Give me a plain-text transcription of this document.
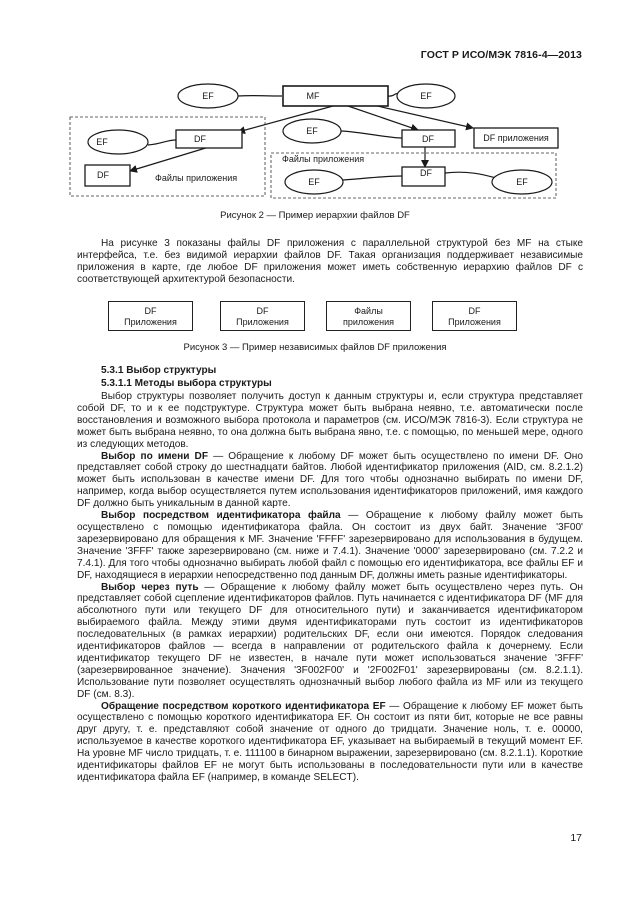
ГОСТ Р ИСО/МЭК 7816-4—2013
MF
EF	EF
EF	DF
EF
DF	DF приложения
DF	Файлы приложения
Файлы приложения
EF
DF
EF
Рисунок 2 — Пример иерархии файлов DF
На рисунке 3 показаны файлы DF приложения с параллельной структурой без MF на стыке интерфейса, т.е. без видимой иерархии файлов DF. Такая организация поддерживает независимые приложения в карте, где любое DF приложения может иметь собственную иерархию файлов DF с соответствующей архитектурой безопасности.
DF
Приложения
DF
Приложения
Файлы
приложения
DF
Приложения
Рисунок 3 — Пример независимых файлов DF приложения
5.3.1 Выбор структуры
5.3.1.1 Методы выбора структуры

Выбор структуры позволяет получить доступ к данным структуры и, если структура представляет собой DF, то и к ее подструктуре. Структура может быть выбрана неявно, т.е. автоматически после восстановления и возможного выбора протокола и параметров (см. ИСО/МЭК 7816-3). Если структура не может быть выбрана неявно, то она должна быть выбрана явно, т.е. с помощью, по меньшей мере, одного из следующих методов.

Выбор по имени DF — Обращение к любому DF может быть осуществлено по имени DF. Оно представляет собой строку до шестнадцати байтов. Любой идентификатор приложения (AID, см. 8.2.1.2) может быть использован в качестве имени DF. Для того чтобы однозначно выбирать по имени DF, например, когда выбор осуществляется путем использования идентификаторов приложений, имя каждого DF должно быть уникальным в данной карте.

Выбор посредством идентификатора файла — Обращение к любому файлу может быть осуществлено с помощью идентификатора файла. Он состоит из двух байт. Значение '3F00' зарезервировано для обращения к MF. Значение 'FFFF' зарезервировано для использования в будущем. Значение '3FFF' также зарезервировано (см. ниже и 7.4.1). Значение '0000' зарезервировано (см. 7.2.2 и 7.4.1). Для того чтобы однозначно выбирать любой файл с помощью его идентификатора, все файлы EF и DF, находящиеся в иерархии непосредственно под данным DF, должны иметь разные идентификаторы.

Выбор через путь — Обращение к любому файлу может быть осуществлено через путь. Он представляет собой сцепление идентификаторов файлов. Путь начинается с идентификатора DF (MF для абсолютного пути или текущего DF для относительного пути) и заканчивается идентификатором выбираемого файла. Между этими двумя идентификаторами путь состоит из идентификаторов последовательных (в рамках иерархии) родительских DF, если они имеются. Порядок следования идентификаторов файлов — всегда в направлении от родительского файла к дочернему. Если идентификатор текущего DF не известен, в начале пути может использоваться значение '3FFF' (зарезервированное значение). Значения '3F002F00' и '2F002F01' зарезервированы (см. 8.2.1.1). Использование пути позволяет осуществлять однозначный выбор любого файла из MF или из текущего DF (см. 8.3).

Обращение посредством короткого идентификатора EF — Обращение к любому EF может быть осуществлено с помощью короткого идентификатора EF. Он состоит из пяти бит, которые не все равны друг другу, т. е. представляют собой значение от одного до тридцати. Значение ноль, т. е. 00000, используемое в качестве короткого идентификатора EF, указывает на выбираемый в текущий момент EF. На уровне MF число тридцать, т. е. 111100 в бинарном выражении, зарезервировано (см. 8.2.1.1). Короткие идентификаторы файлов EF не могут быть использованы в последовательности пути или в качестве идентификатора файла EF (например, в команде SELECT).

17
